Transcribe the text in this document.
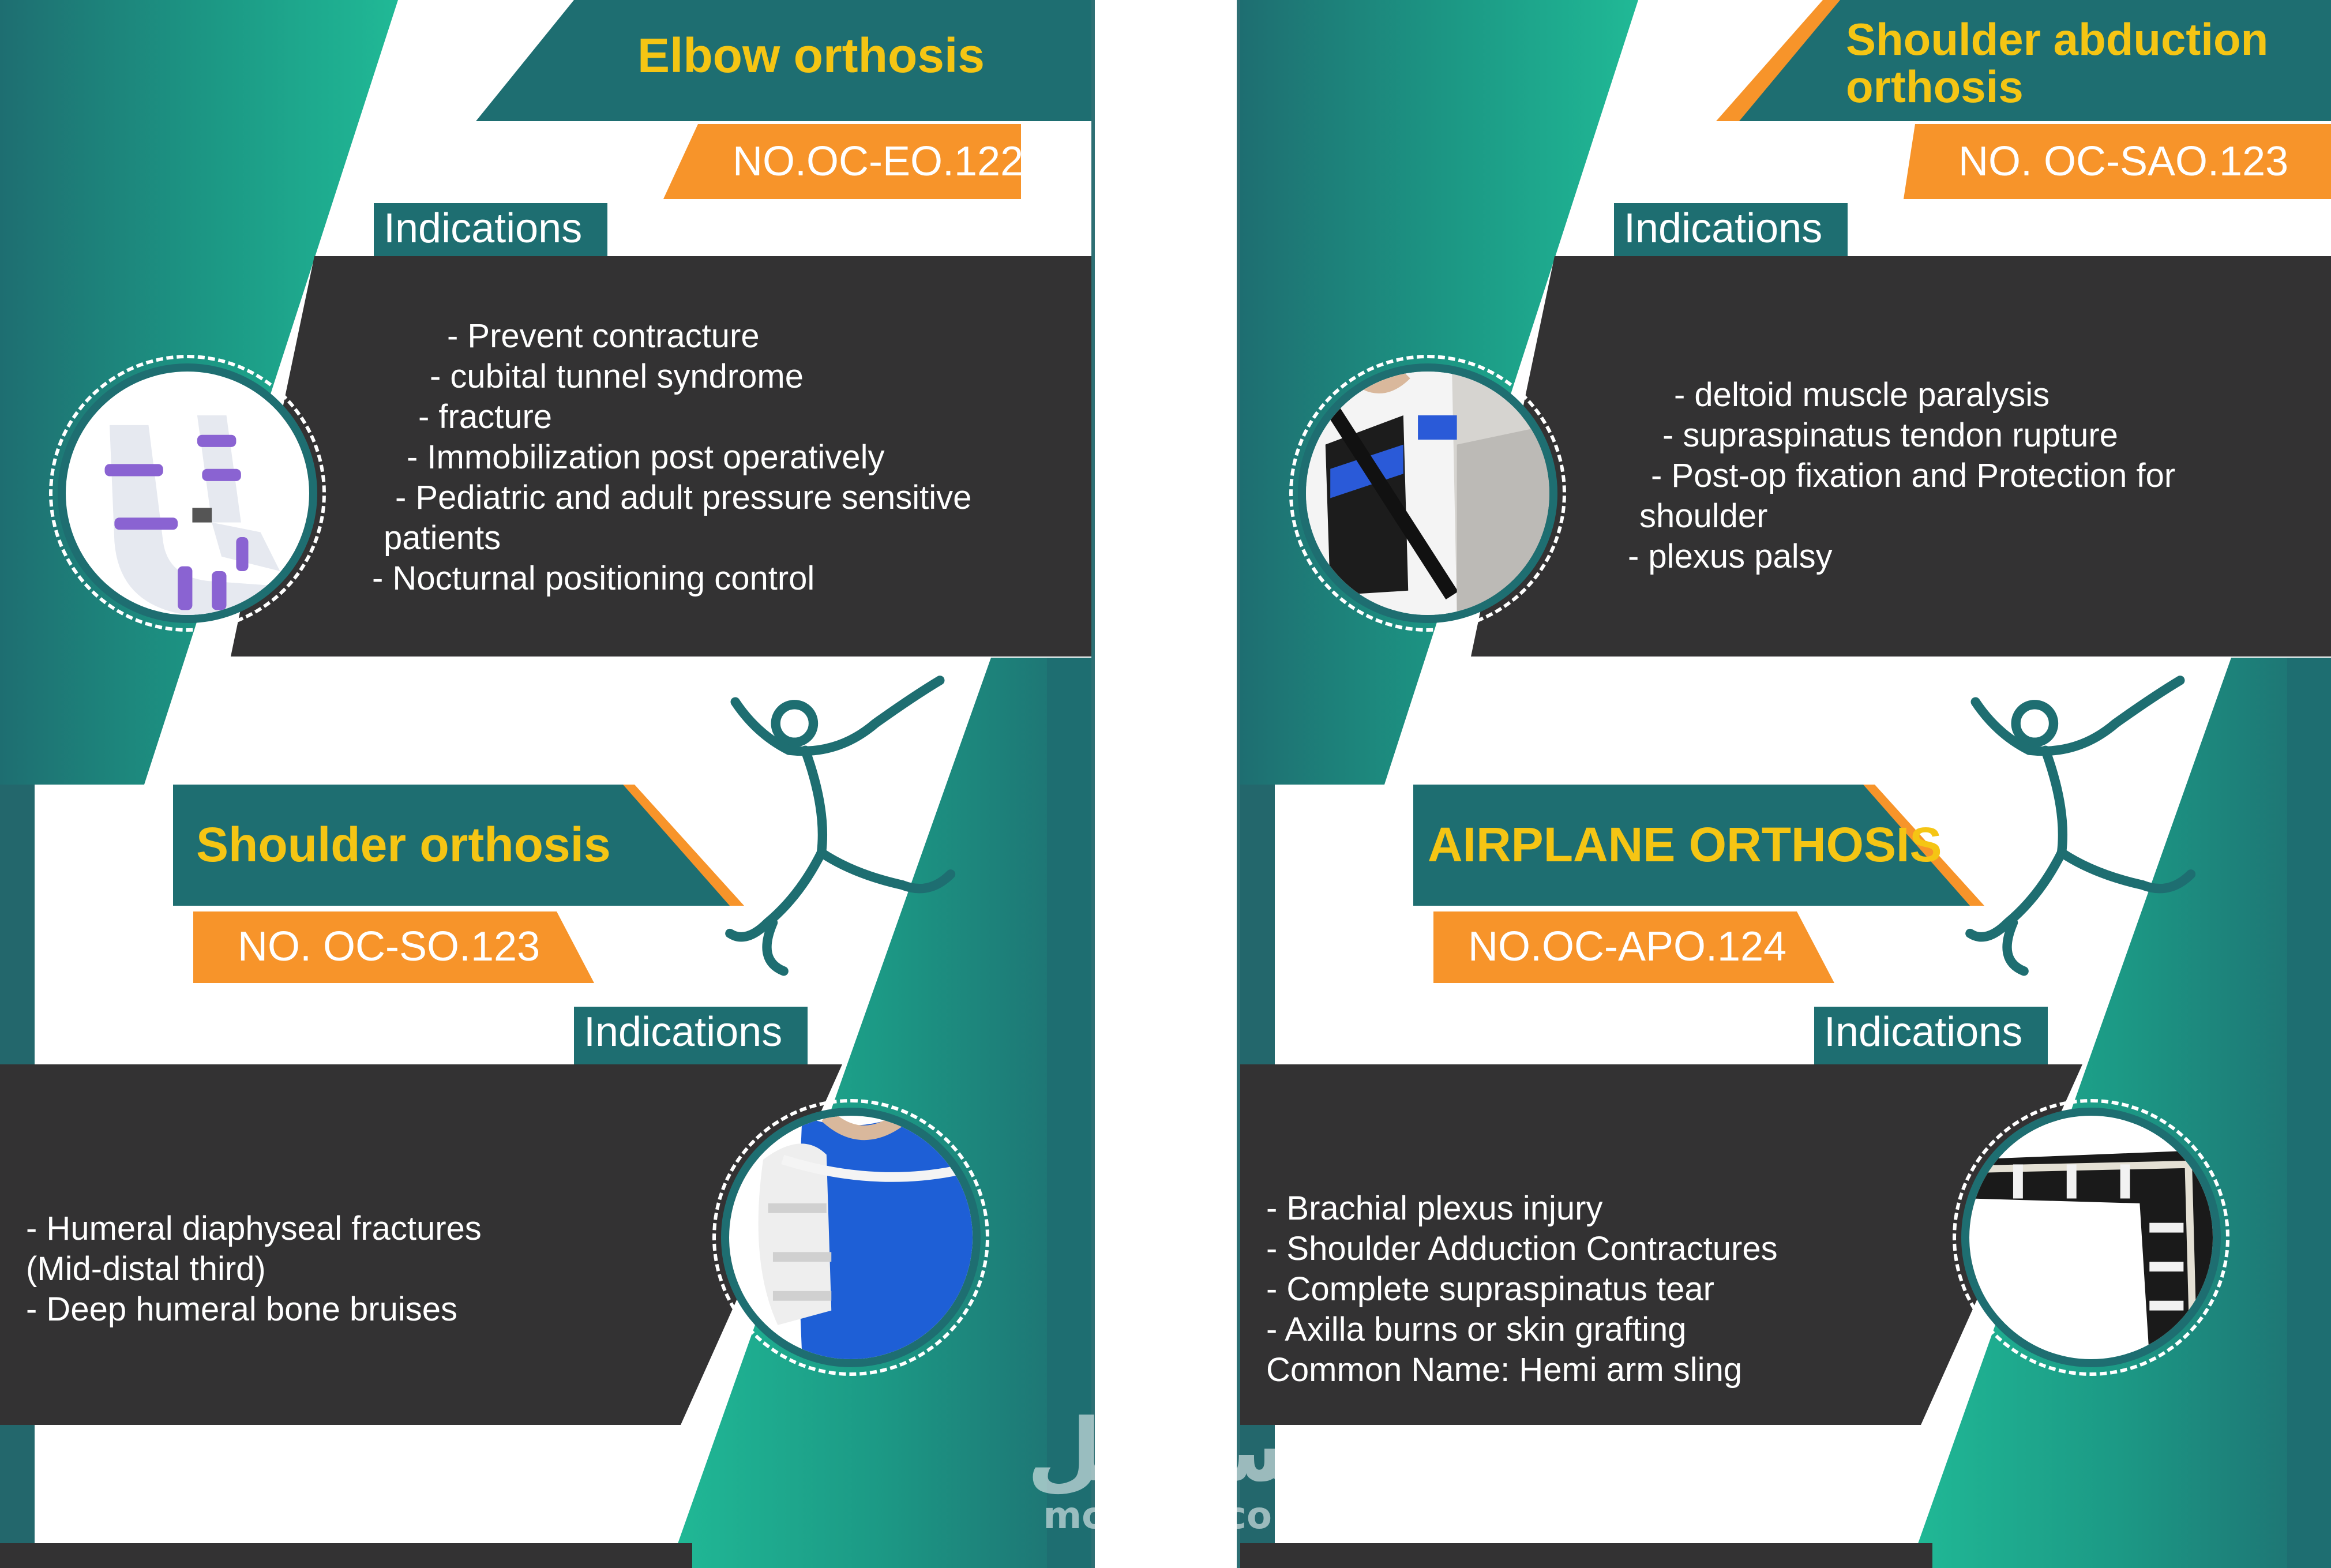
Elbow orthosis
NO.OC-EO.122
Indications
- Prevent contracture
- cubital tunnel syndrome
- fracture
- Immobilization post operatively
- Pediatric and adult pressure sensitive
patients
- Nocturnal positioning control
Shoulder orthosis
NO. OC-SO.123
Indications
- Humeral diaphyseal fractures
(Mid-distal third)
- Deep humeral bone bruises
Shoulder abduction
orthosis
NO. OC-SAO.123
Indications
- deltoid muscle paralysis
- supraspinatus tendon rupture
- Post-op fixation and Protection for
shoulder
- plexus palsy
AIRPLANE ORTHOSIS
NO.OC-APO.124
Indications
- Brachial plexus injury
- Shoulder Adduction Contractures
- Complete supraspinatus tear
- Axilla burns or skin grafting
Common Name: Hemi arm sling
مستقل
mostaql.com
